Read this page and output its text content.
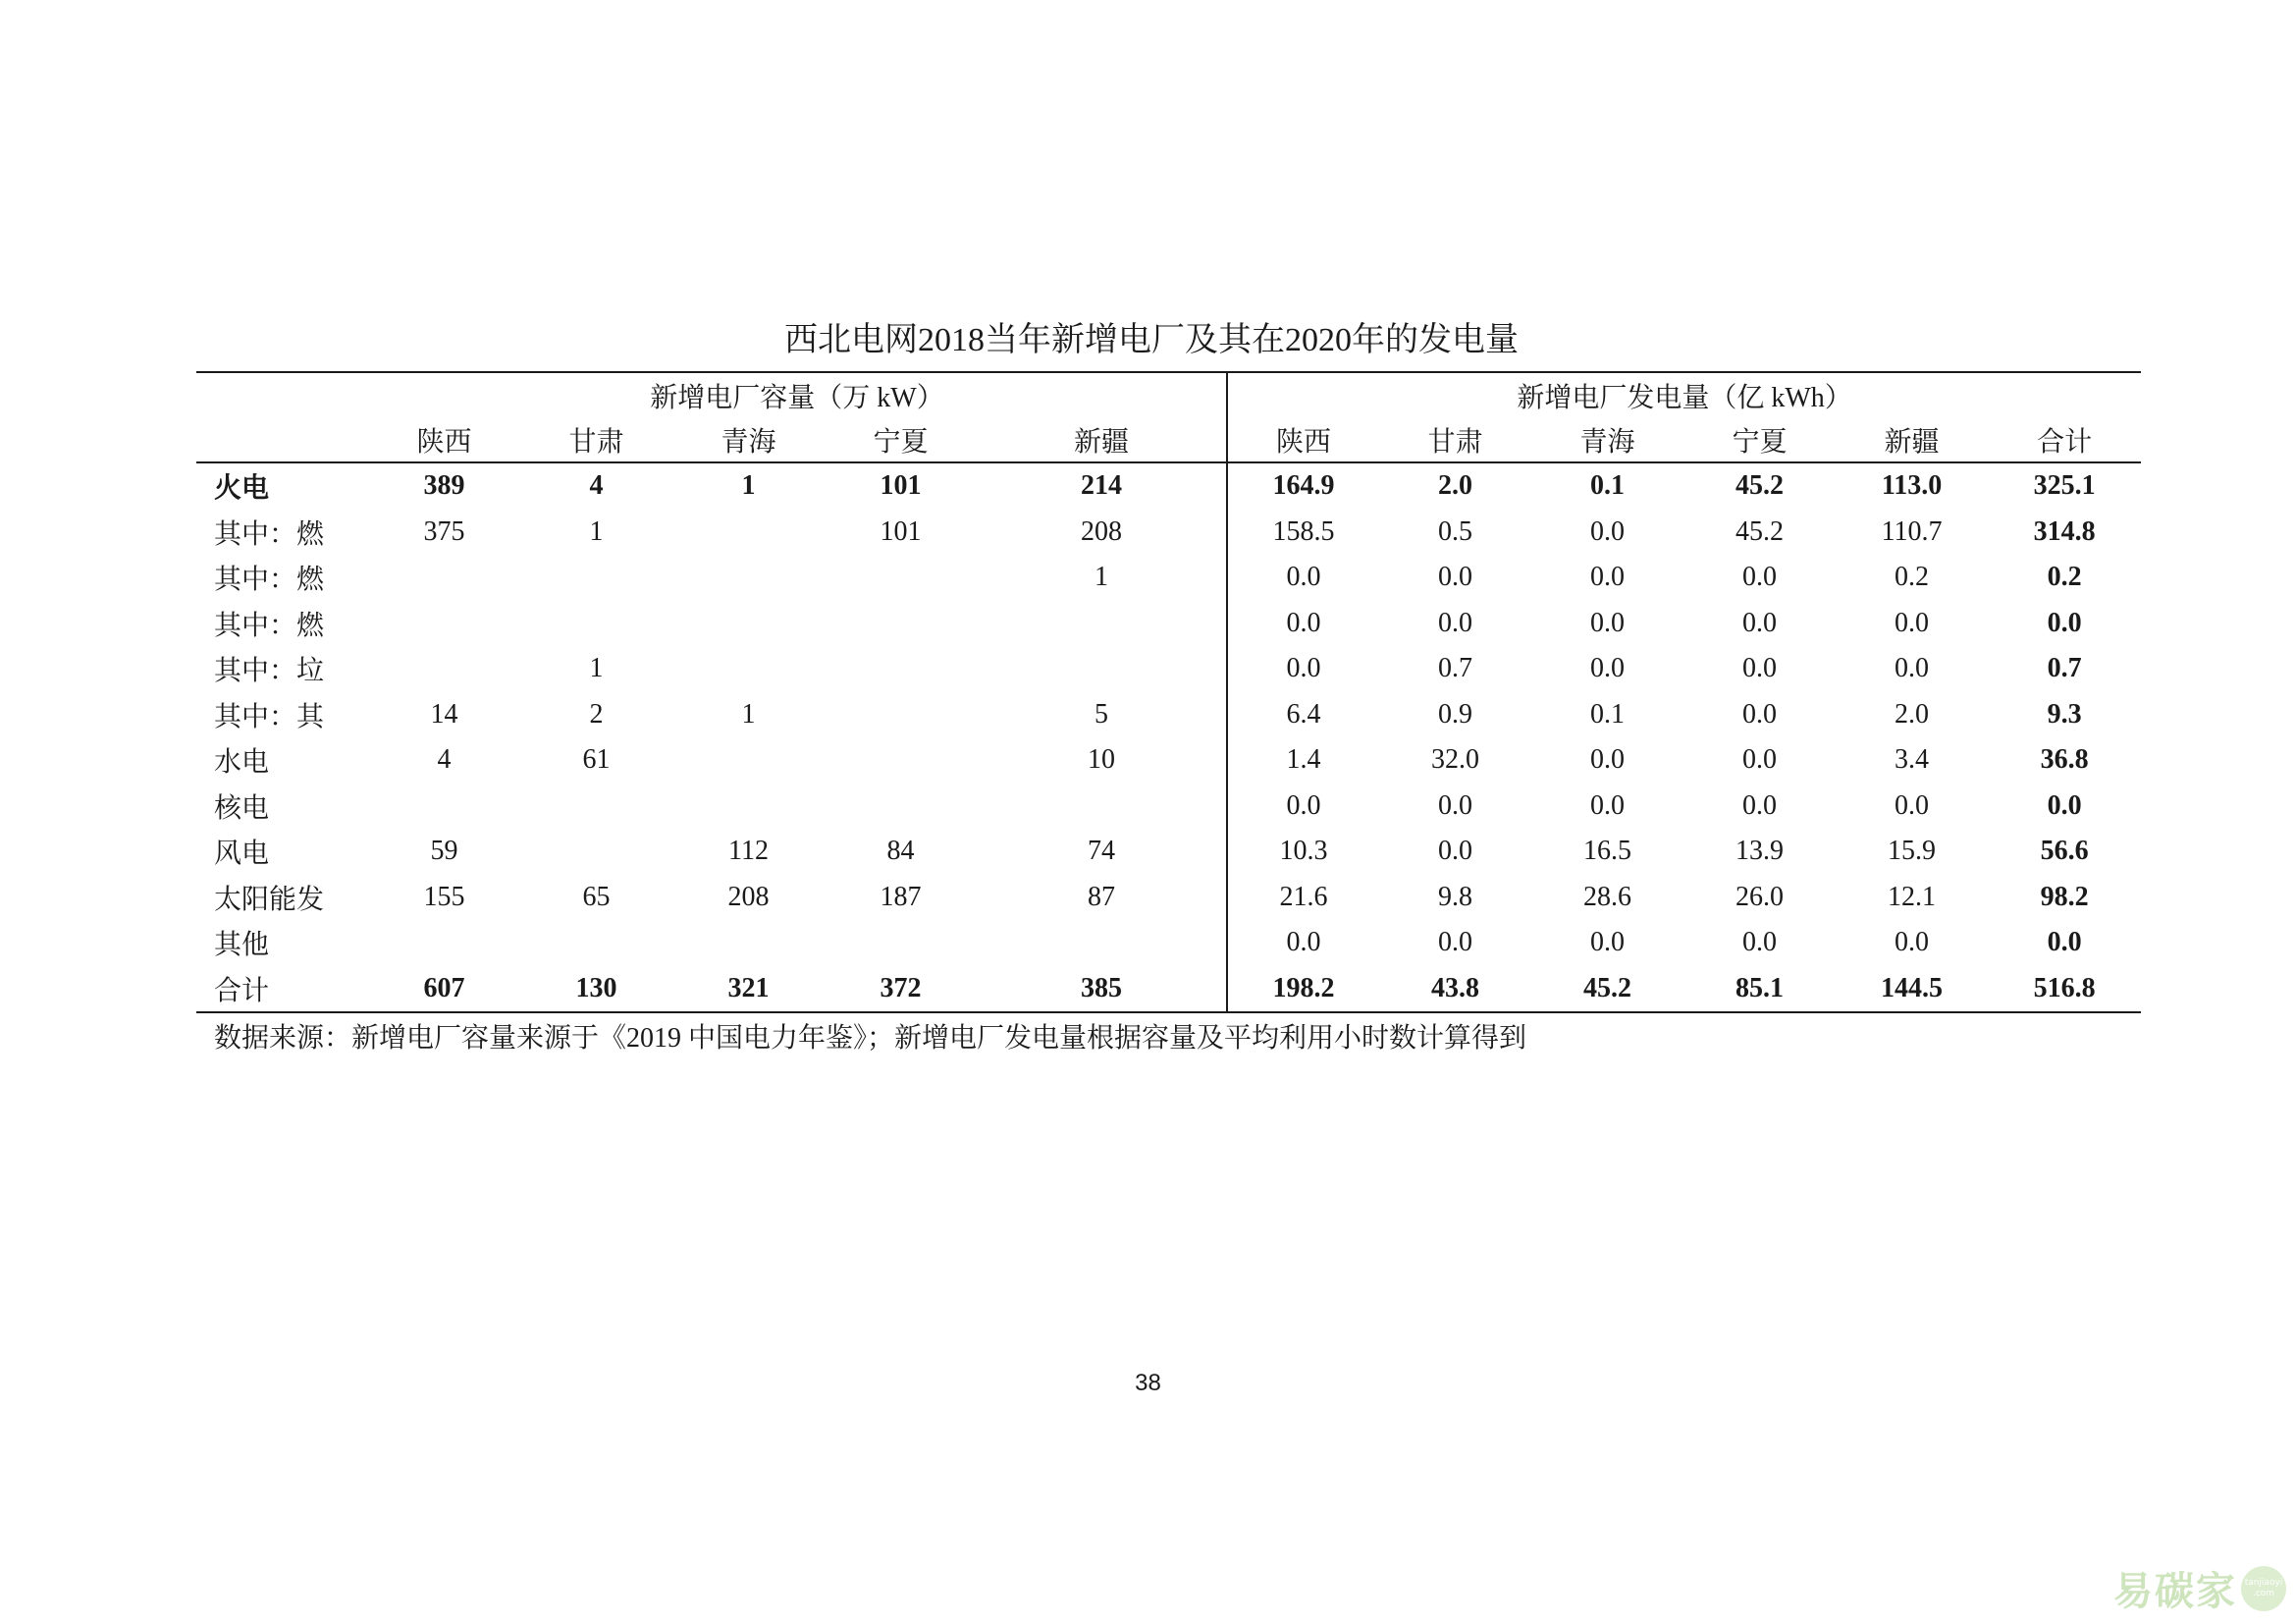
西北电网2018当年新增电厂及其在2020年的发电量
	新增电厂容量（万 kW）					新增电厂发电量（亿 kWh）					
	陕西	甘肃	青海	宁夏	新疆	陕西	甘肃	青海	宁夏	新疆	合计
火电	389	4	1	101	214	164.9	2.0	0.1	45.2	113.0	325.1
其中：燃	375	1		101	208	158.5	0.5	0.0	45.2	110.7	314.8
其中：燃					1	0.0	0.0	0.0	0.0	0.2	0.2
其中：燃						0.0	0.0	0.0	0.0	0.0	0.0
其中：垃		1				0.0	0.7	0.0	0.0	0.0	0.7
其中：其	14	2	1		5	6.4	0.9	0.1	0.0	2.0	9.3
水电	4	61			10	1.4	32.0	0.0	0.0	3.4	36.8
核电						0.0	0.0	0.0	0.0	0.0	0.0
风电	59		112	84	74	10.3	0.0	16.5	13.9	15.9	56.6
太阳能发	155	65	208	187	87	21.6	9.8	28.6	26.0	12.1	98.2
其他						0.0	0.0	0.0	0.0	0.0	0.0
合计	607	130	321	372	385	198.2	43.8	45.2	85.1	144.5	516.8
数据来源：新增电厂容量来源于《2019 中国电力年鉴》；新增电厂发电量根据容量及平均利用小时数计算得到
38
易碳家 tanjiaoyi
.com
